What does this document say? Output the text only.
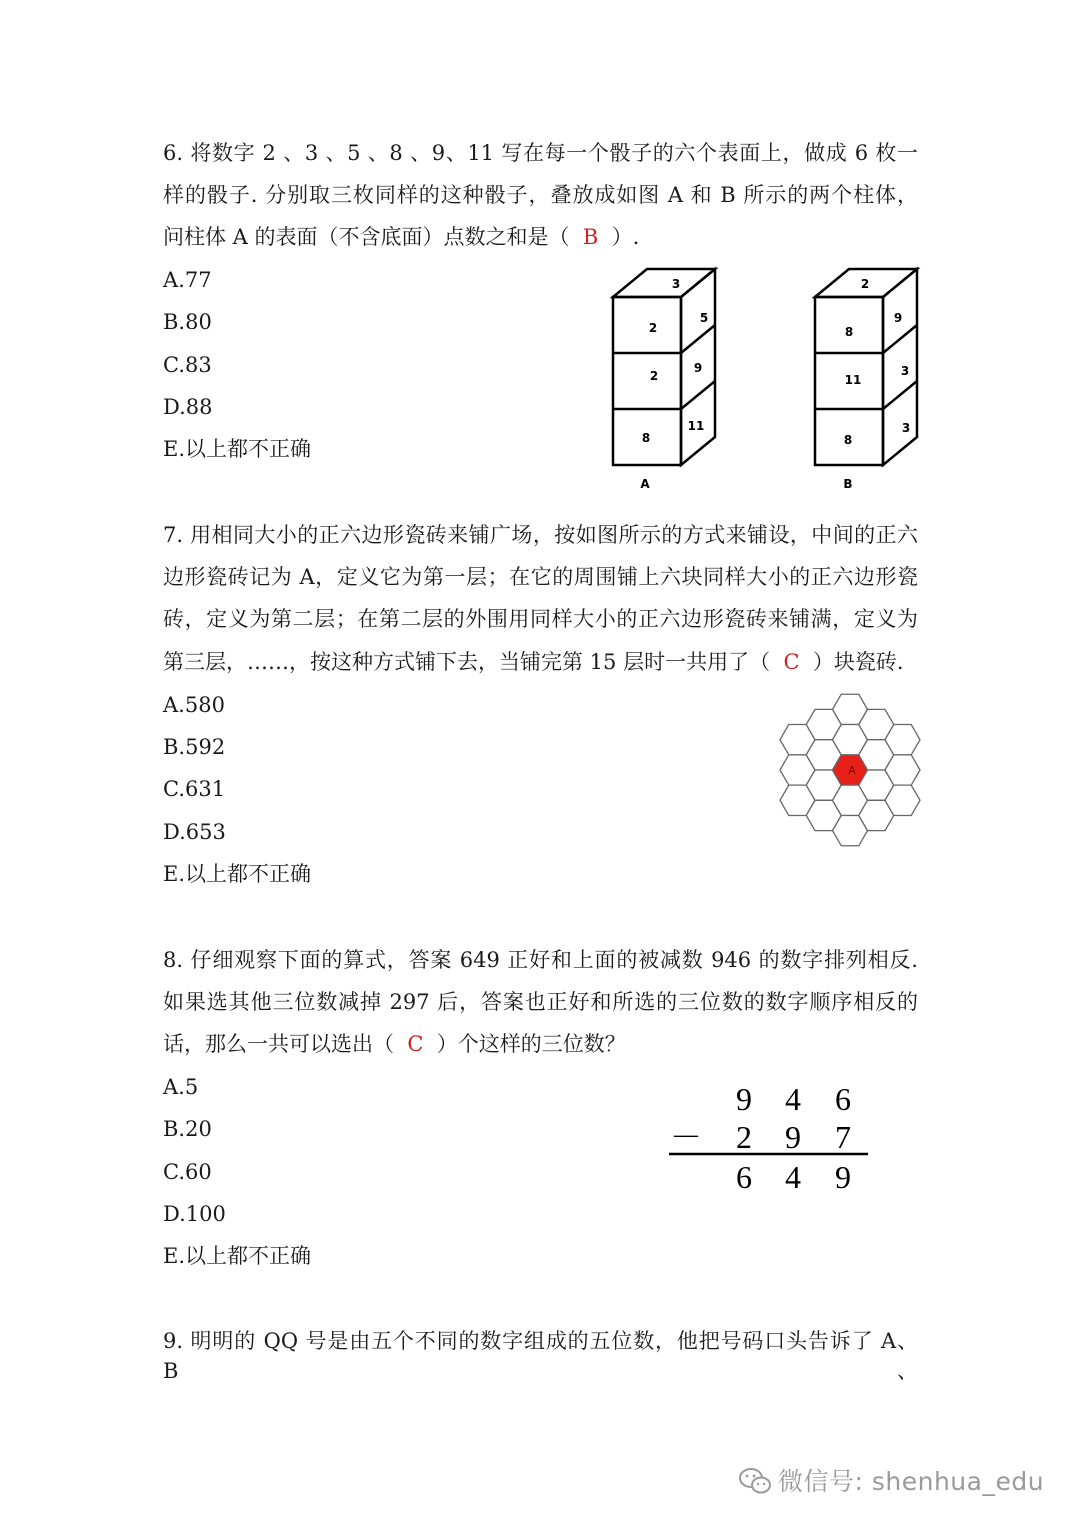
6. 将数字 2 、3 、5 、8 、9、11 写在每一个骰子的六个表面上，做成 6 枚一
样的骰子. 分别取三枚同样的这种骰子，叠放成如图 A 和 B 所示的两个柱体，
问柱体 A 的表面（不含底面）点数之和是（ B ）.
A.77
B.80
C.83
D.88
E.以上都不正确
3
2
2
8
5
9
11
A
2
8
11
8
9
3
3
B
7. 用相同大小的正六边形瓷砖来铺广场，按如图所示的方式来铺设，中间的正六
边形瓷砖记为 A，定义它为第一层；在它的周围铺上六块同样大小的正六边形瓷
砖，定义为第二层；在第二层的外围用同样大小的正六边形瓷砖来铺满，定义为
第三层，……，按这种方式铺下去，当铺完第 15 层时一共用了（ C ）块瓷砖.
A.580
B.592
C.631
D.653
E.以上都不正确
A
8. 仔细观察下面的算式，答案 649 正好和上面的被减数 946 的数字排列相反.
如果选其他三位数减掉 297 后，答案也正好和所选的三位数的数字顺序相反的
话，那么一共可以选出（ C ）个这样的三位数？
A.5
B.20
C.60
D.100
E.以上都不正确
9 4 6
－ 2 9 7
6 4 9
9. 明明的 QQ 号是由五个不同的数字组成的五位数，他把号码口头告诉了 A、B、
微信号: shenhua_edu
